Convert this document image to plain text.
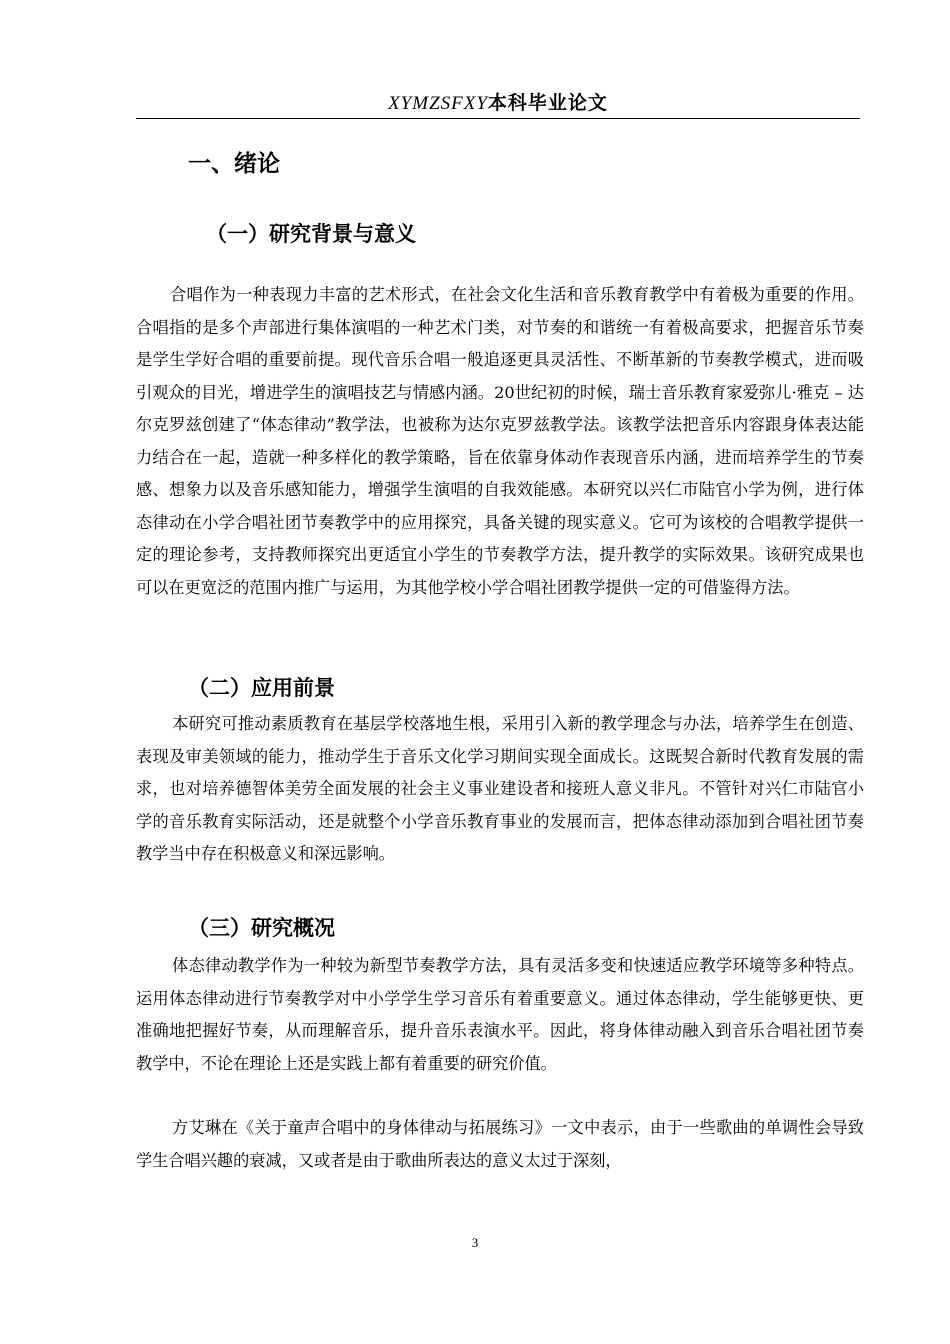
XYMZSFXY本科毕业论文
一、绪论
（一）研究背景与意义

合唱作为一种表现力丰富的艺术形式，在社会文化生活和音乐教育教学中有着极为重要的作用。合唱指的是多个声部进行集体演唱的一种艺术门类，对节奏的和谐统一有着极高要求，把握音乐节奏是学生学好合唱的重要前提。现代音乐合唱一般追逐更具灵活性、不断革新的节奏教学模式，进而吸引观众的目光，增进学生的演唱技艺与情感内涵。20世纪初的时候，瑞士音乐教育家爱弥儿·雅克 – 达尔克罗兹创建了“体态律动”教学法，也被称为达尔克罗兹教学法。该教学法把音乐内容跟身体表达能力结合在一起，造就一种多样化的教学策略，旨在依靠身体动作表现音乐内涵，进而培养学生的节奏感、想象力以及音乐感知能力，增强学生演唱的自我效能感。本研究以兴仁市陆官小学为例，进行体态律动在小学合唱社团节奏教学中的应用探究，具备关键的现实意义。它可为该校的合唱教学提供一定的理论参考，支持教师探究出更适宜小学生的节奏教学方法，提升教学的实际效果。该研究成果也可以在更宽泛的范围内推广与运用，为其他学校小学合唱社团教学提供一定的可借鉴得方法。

（二）应用前景

本研究可推动素质教育在基层学校落地生根，采用引入新的教学理念与办法，培养学生在创造、表现及审美领域的能力，推动学生于音乐文化学习期间实现全面成长。这既契合新时代教育发展的需求，也对培养德智体美劳全面发展的社会主义事业建设者和接班人意义非凡。不管针对兴仁市陆官小学的音乐教育实际活动，还是就整个小学音乐教育事业的发展而言，把体态律动添加到合唱社团节奏教学当中存在积极意义和深远影响。

（三）研究概况

体态律动教学作为一种较为新型节奏教学方法，具有灵活多变和快速适应教学环境等多种特点。运用体态律动进行节奏教学对中小学学生学习音乐有着重要意义。通过体态律动，学生能够更快、更准确地把握好节奏，从而理解音乐，提升音乐表演水平。因此，将身体律动融入到音乐合唱社团节奏教学中，不论在理论上还是实践上都有着重要的研究价值。

方艾琳在《关于童声合唱中的身体律动与拓展练习》一文中表示，由于一些歌曲的单调性会导致学生合唱兴趣的衰减，又或者是由于歌曲所表达的意义太过于深刻，

3
